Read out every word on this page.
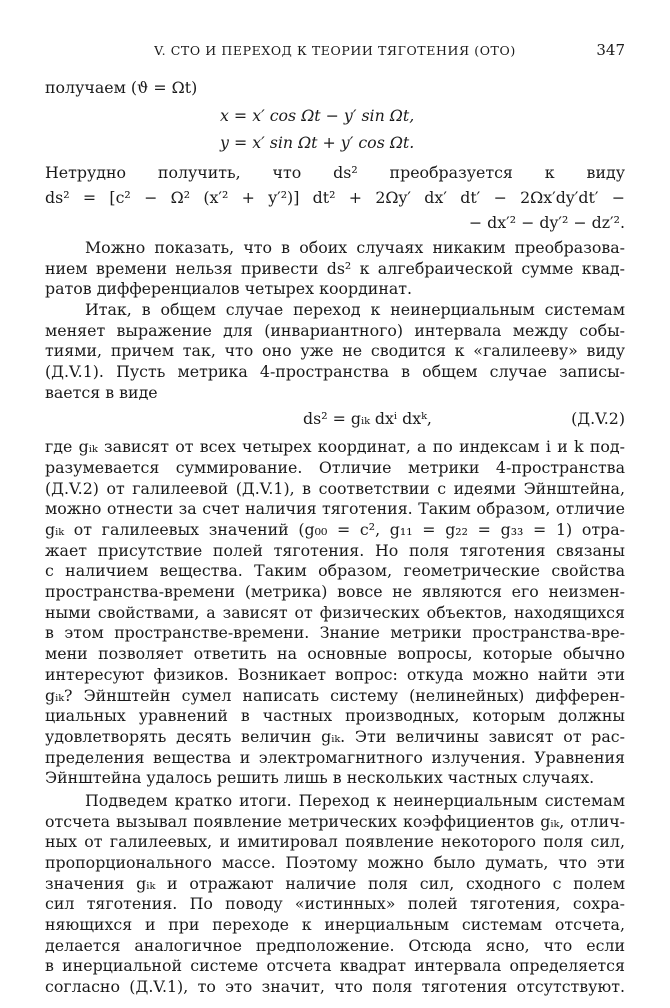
V. СТО И ПЕРЕХОД К ТЕОРИИ ТЯГОТЕНИЯ (ОТО)	347
получаем (ϑ = Ωt)
x = x′ cos Ωt − y′ sin Ωt,
y = x′ sin Ωt + y′ cos Ωt.
Нетрудно получить, что ds² преобразуется к виду
ds² = [c² − Ω² (x′² + y′²)] dt² + 2Ωy′ dx′ dt′ − 2Ωx′dy′dt′ −
− dx′² − dy′² − dz′².
Можно показать, что в обоих случаях никаким преобразова-
нием времени нельзя привести ds² к алгебраической сумме квад-
ратов дифференциалов четырех координат.
Итак, в общем случае переход к неинерциальным системам
меняет выражение для (инвариантного) интервала между собы-
тиями, причем так, что оно уже не сводится к «галилееву» виду
(Д.V.1). Пусть метрика 4-пространства в общем случае записы-
вается в виде
ds² = gᵢₖ dxⁱ dxᵏ,	(Д.V.2)
где gᵢₖ зависят от всех четырех координат, а по индексам i и k под-
разумевается суммирование. Отличие метрики 4-пространства
(Д.V.2) от галилеевой (Д.V.1), в соответствии с идеями Эйнштейна,
можно отнести за счет наличия тяготения. Таким образом, отличие
gᵢₖ от галилеевых значений (g₀₀ = c², g₁₁ = g₂₂ = g₃₃ = 1) отра-
жает присутствие полей тяготения. Но поля тяготения связаны
с наличием вещества. Таким образом, геометрические свойства
пространства-времени (метрика) вовсе не являются его неизмен-
ными свойствами, а зависят от физических объектов, находящихся
в этом пространстве-времени. Знание метрики пространства-вре-
мени позволяет ответить на основные вопросы, которые обычно
интересуют физиков. Возникает вопрос: откуда можно найти эти
gᵢₖ? Эйнштейн сумел написать систему (нелинейных) дифферен-
циальных уравнений в частных производных, которым должны
удовлетворять десять величин gᵢₖ. Эти величины зависят от рас-
пределения вещества и электромагнитного излучения. Уравнения
Эйнштейна удалось решить лишь в нескольких частных случаях.
Подведем кратко итоги. Переход к неинерциальным системам
отсчета вызывал появление метрических коэффициентов gᵢₖ, отлич-
ных от галилеевых, и имитировал появление некоторого поля сил,
пропорционального массе. Поэтому можно было думать, что эти
значения gᵢₖ и отражают наличие поля сил, сходного с полем
сил тяготения. По поводу «истинных» полей тяготения, сохра-
няющихся и при переходе к инерциальным системам отсчета,
делается аналогичное предположение. Отсюда ясно, что если
в инерциальной системе отсчета квадрат интервала определяется
согласно (Д.V.1), то это значит, что поля тяготения отсутствуют.
